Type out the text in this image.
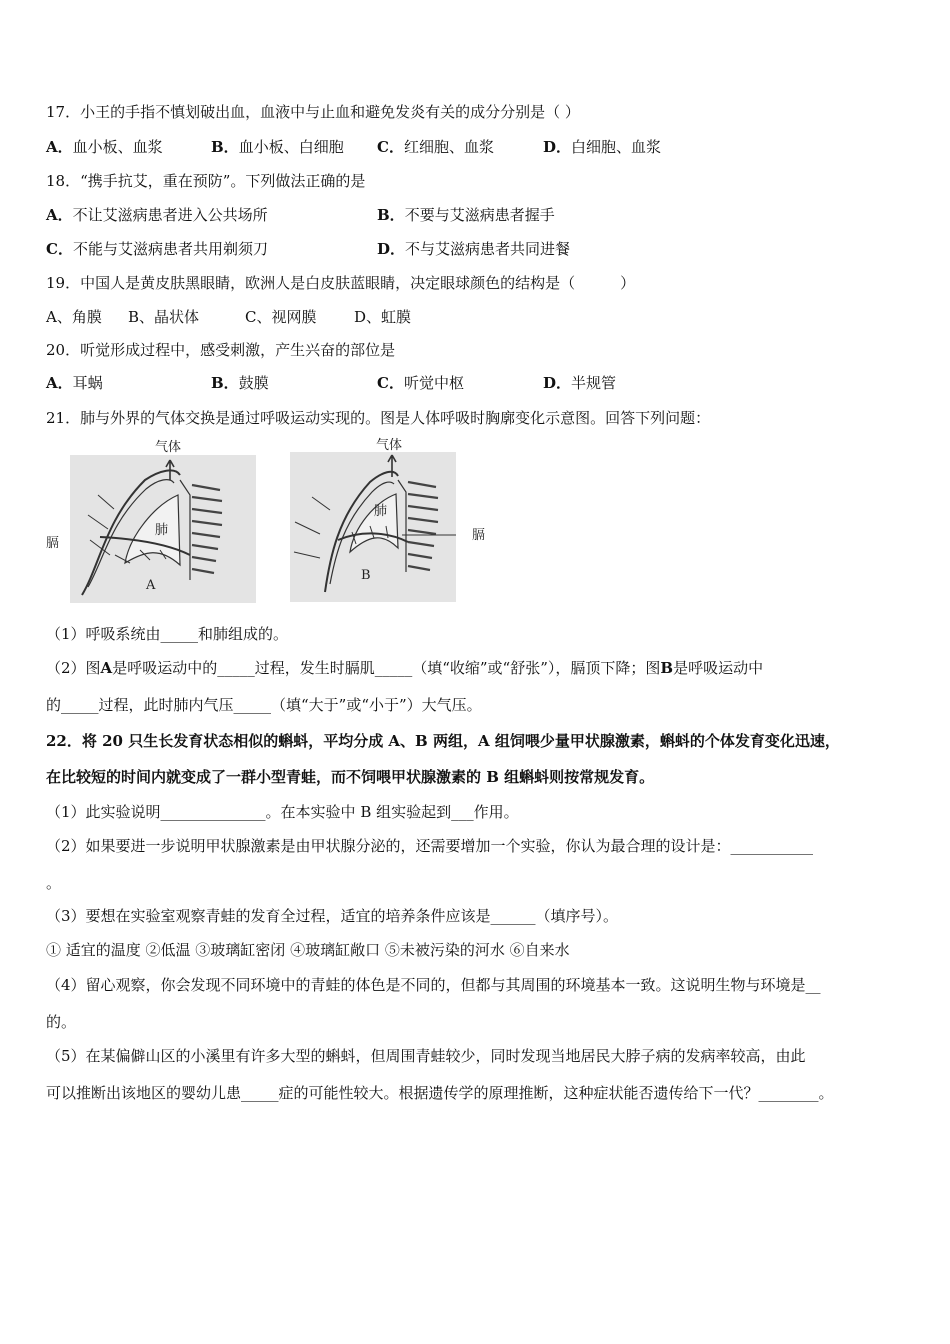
17．小王的手指不慎划破出血，血液中与止血和避免发炎有关的成分分别是（ ）
A．血小板、血浆	B．血小板、白细胞 C．红细胞、血浆	D．白细胞、血浆
18．“携手抗艾，重在预防”。下列做法正确的是
A．不让艾滋病患者进入公共场所	B．不要与艾滋病患者握手
C．不能与艾滋病患者共用剃须刀	D．不与艾滋病患者共同进餐
19．中国人是黄皮肤黑眼睛，欧洲人是白皮肤蓝眼睛，决定眼球颜色的结构是（　　　）
A、角膜 B、晶状体	C、视网膜	D、虹膜
20．听觉形成过程中，感受刺激，产生兴奋的部位是
A．耳蜗	B．鼓膜	C．听觉中枢	D．半规管
21．肺与外界的气体交换是通过呼吸运动实现的。图是人体呼吸时胸廓变化示意图。回答下列问题：
气体
肺
膈
A
气体
肺
膈
B
（1）呼吸系统由_____和肺组成的。
（2）图A是呼吸运动中的_____过程，发生时膈肌_____（填“收缩”或“舒张”），膈顶下降；图B是呼吸运动中
的_____过程，此时肺内气压_____（填“大于”或“小于”）大气压。
22．将 20 只生长发育状态相似的蝌蚪，平均分成 A、B 两组，A 组饲喂少量甲状腺激素，蝌蚪的个体发育变化迅速，
在比较短的时间内就变成了一群小型青蛙，而不饲喂甲状腺激素的 B 组蝌蚪则按常规发育。
（1）此实验说明______________。在本实验中 B 组实验起到___作用。
（2）如果要进一步说明甲状腺激素是由甲状腺分泌的，还需要增加一个实验，你认为最合理的设计是：___________
。
（3）要想在实验室观察青蛙的发育全过程，适宜的培养条件应该是______（填序号）。
① 适宜的温度 ②低温 ③玻璃缸密闭 ④玻璃缸敞口 ⑤未被污染的河水 ⑥自来水
（4）留心观察，你会发现不同环境中的青蛙的体色是不同的，但都与其周围的环境基本一致。这说明生物与环境是__
的。
（5）在某偏僻山区的小溪里有许多大型的蝌蚪，但周围青蛙较少，同时发现当地居民大脖子病的发病率较高，由此
可以推断出该地区的婴幼儿患_____症的可能性较大。根据遗传学的原理推断，这种症状能否遗传给下一代？________。
